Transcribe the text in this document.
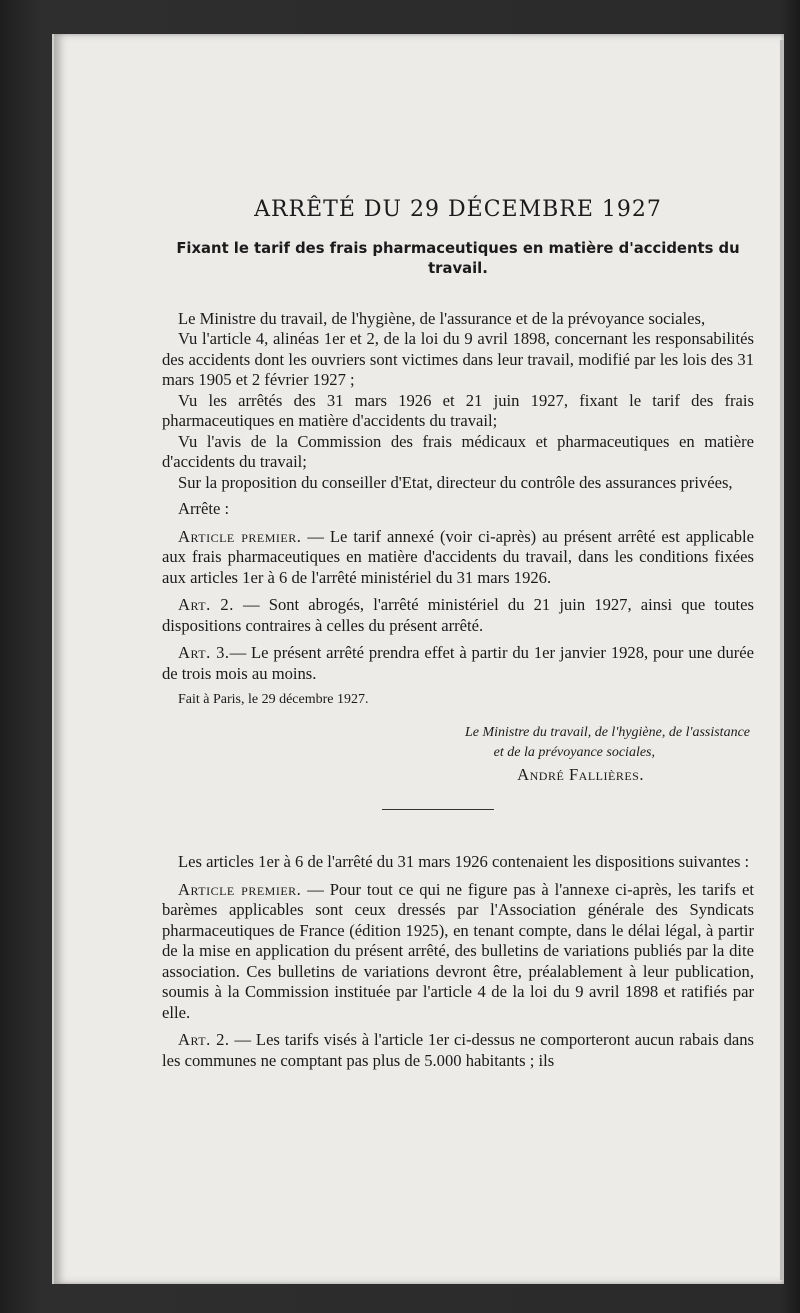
ARRÊTÉ DU 29 DÉCEMBRE 1927
Fixant le tarif des frais pharmaceutiques en matière d'accidents du travail.

Le Ministre du travail, de l'hygiène, de l'assurance et de la prévoyance sociales,

Vu l'article 4, alinéas 1er et 2, de la loi du 9 avril 1898, concernant les responsabilités des accidents dont les ouvriers sont victimes dans leur travail, modifié par les lois des 31 mars 1905 et 2 février 1927 ;

Vu les arrêtés des 31 mars 1926 et 21 juin 1927, fixant le tarif des frais pharmaceutiques en matière d'accidents du travail;

Vu l'avis de la Commission des frais médicaux et pharmaceutiques en matière d'accidents du travail;

Sur la proposition du conseiller d'Etat, directeur du contrôle des assurances privées,

Arrête :

Article premier. — Le tarif annexé (voir ci-après) au présent arrêté est applicable aux frais pharmaceutiques en matière d'accidents du travail, dans les conditions fixées aux articles 1er à 6 de l'arrêté ministériel du 31 mars 1926.

Art. 2. — Sont abrogés, l'arrêté ministériel du 21 juin 1927, ainsi que toutes dispositions contraires à celles du présent arrêté.

Art. 3.— Le présent arrêté prendra effet à partir du 1er janvier 1928, pour une durée de trois mois au moins.

Fait à Paris, le 29 décembre 1927.

Le Ministre du travail, de l'hygiène, de l'assistance
et de la prévoyance sociales,
André Fallières.

Les articles 1er à 6 de l'arrêté du 31 mars 1926 contenaient les dispositions suivantes :

Article premier. — Pour tout ce qui ne figure pas à l'annexe ci-après, les tarifs et barèmes applicables sont ceux dressés par l'Association générale des Syndicats pharmaceutiques de France (édition 1925), en tenant compte, dans le délai légal, à partir de la mise en application du présent arrêté, des bulletins de variations publiés par la dite association. Ces bulletins de variations devront être, préalablement à leur publication, soumis à la Commission instituée par l'article 4 de la loi du 9 avril 1898 et ratifiés par elle.

Art. 2. — Les tarifs visés à l'article 1er ci-dessus ne comporteront aucun rabais dans les communes ne comptant pas plus de 5.000 habitants ; ils
